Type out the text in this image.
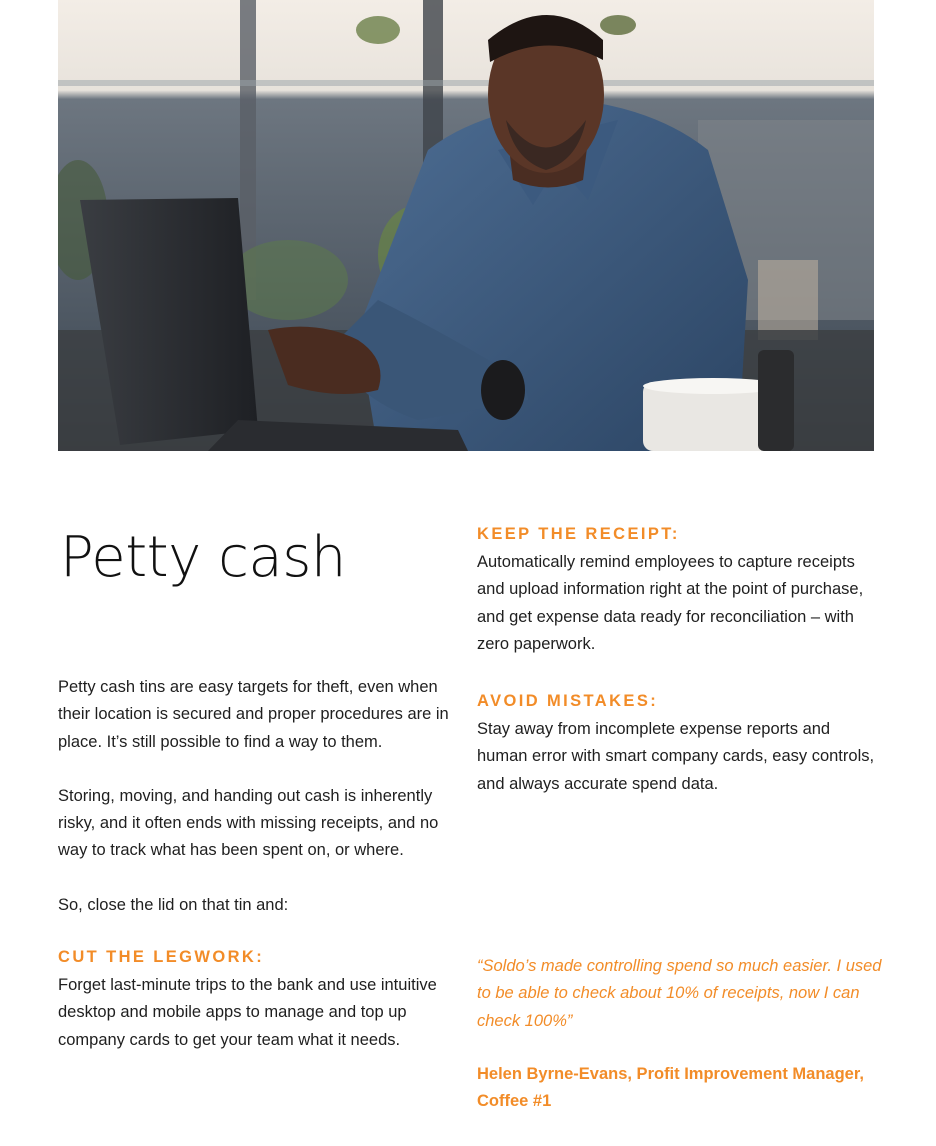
Petty cash

Petty cash tins are easy targets for theft, even when their location is secured and proper procedures are in place. It’s still possible to find a way to them.

Storing, moving, and handing out cash is inherently risky, and it often ends with missing receipts, and no way to track what has been spent on, or where.

So, close the lid on that tin and:

CUT THE LEGWORK:
Forget last-minute trips to the bank and use intuitive desktop and mobile apps to manage and top up company cards to get your team what it needs.
KEEP THE RECEIPT:
Automatically remind employees to capture receipts and upload information right at the point of purchase, and get expense data ready for reconciliation – with zero paperwork.
AVOID MISTAKES:
Stay away from incomplete expense reports and human error with smart company cards, easy controls, and always accurate spend data.
“Soldo’s made controlling spend so much easier. I used to be able to check about 10% of receipts, now I can check 100%”
Helen Byrne-Evans, Profit Improvement Manager, Coffee #1
